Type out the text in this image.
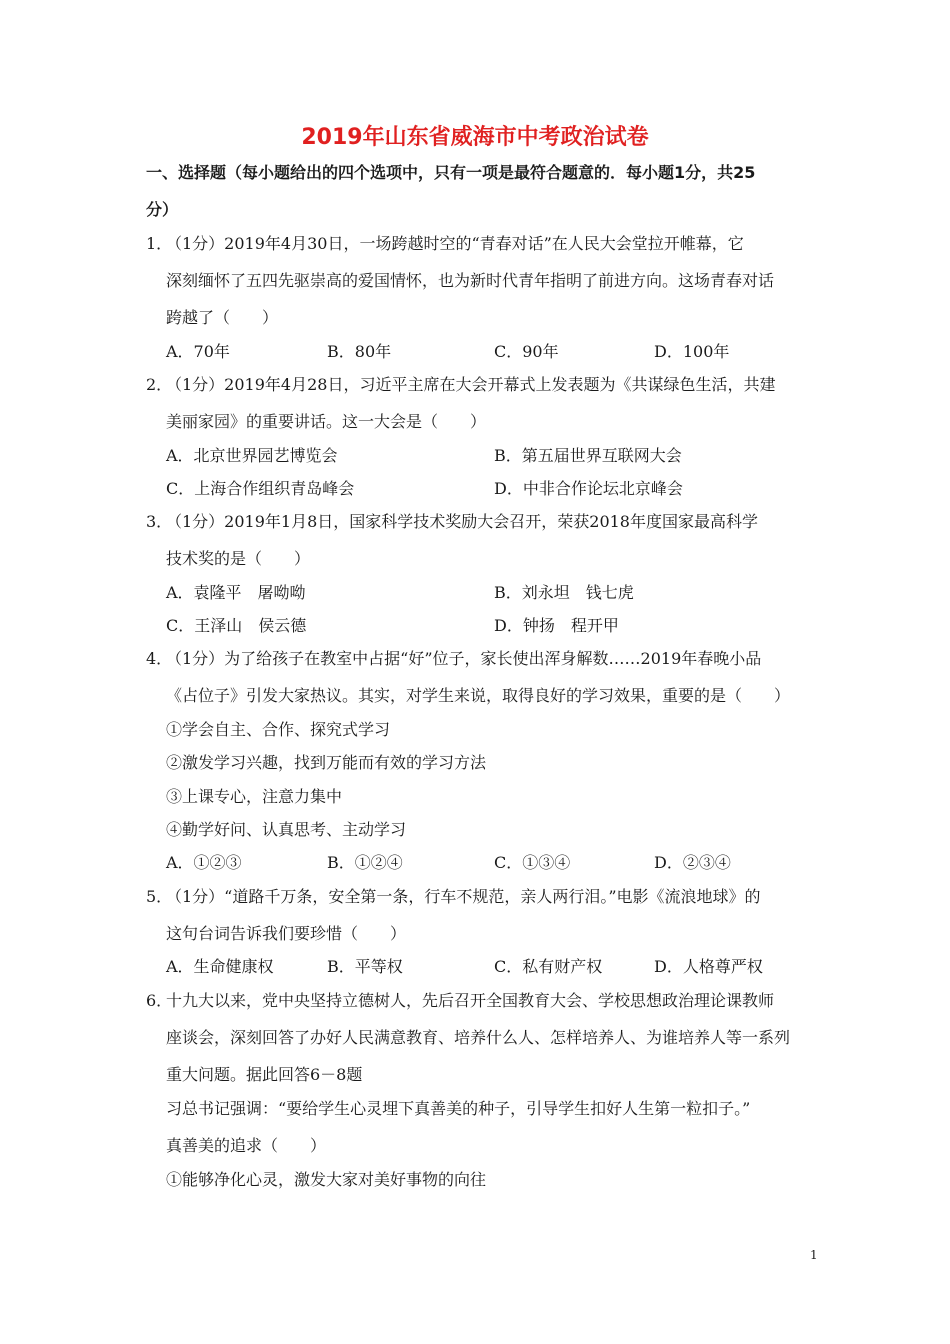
2019年山东省威海市中考政治试卷
一、选择题（每小题给出的四个选项中，只有一项是最符合题意的．每小题1分，共25
分）
1．
（1分）2019年4月30日，一场跨越时空的“青春对话”在人民大会堂拉开帷幕，它
深刻缅怀了五四先驱崇高的爱国情怀，也为新时代青年指明了前进方向。这场青春对话
跨越了（　　）
A．70年	B．80年	C．90年	D．100年
2．
（1分）2019年4月28日，习近平主席在大会开幕式上发表题为《共谋绿色生活，共建
美丽家园》的重要讲话。这一大会是（　　）
A．北京世界园艺博览会	B．第五届世界互联网大会
C．上海合作组织青岛峰会	D．中非合作论坛北京峰会
3．
（1分）2019年1月8日，国家科学技术奖励大会召开，荣获2018年度国家最高科学
技术奖的是（　　）
A．袁隆平　屠呦呦	B．刘永坦　钱七虎
C．王泽山　侯云德	D．钟扬　程开甲
4．
（1分）为了给孩子在教室中占据“好”位子，家长使出浑身解数……2019年春晚小品
《占位子》引发大家热议。其实，对学生来说，取得良好的学习效果，重要的是（　　）
①学会自主、合作、探究式学习
②激发学习兴趣，找到万能而有效的学习方法
③上课专心，注意力集中
④勤学好问、认真思考、主动学习
A．①②③	B．①②④	C．①③④	D．②③④
5．
（1分）“道路千万条，安全第一条，行车不规范，亲人两行泪。”电影《流浪地球》的
这句台词告诉我们要珍惜（　　）
A．生命健康权	B．平等权	C．私有财产权	D．人格尊严权
6．
十九大以来，党中央坚持立德树人，先后召开全国教育大会、学校思想政治理论课教师
座谈会，深刻回答了办好人民满意教育、培养什么人、怎样培养人、为谁培养人等一系列
重大问题。据此回答6－8题
习总书记强调：“要给学生心灵埋下真善美的种子，引导学生扣好人生第一粒扣子。”
真善美的追求（　　）
①能够净化心灵，激发大家对美好事物的向往
1
